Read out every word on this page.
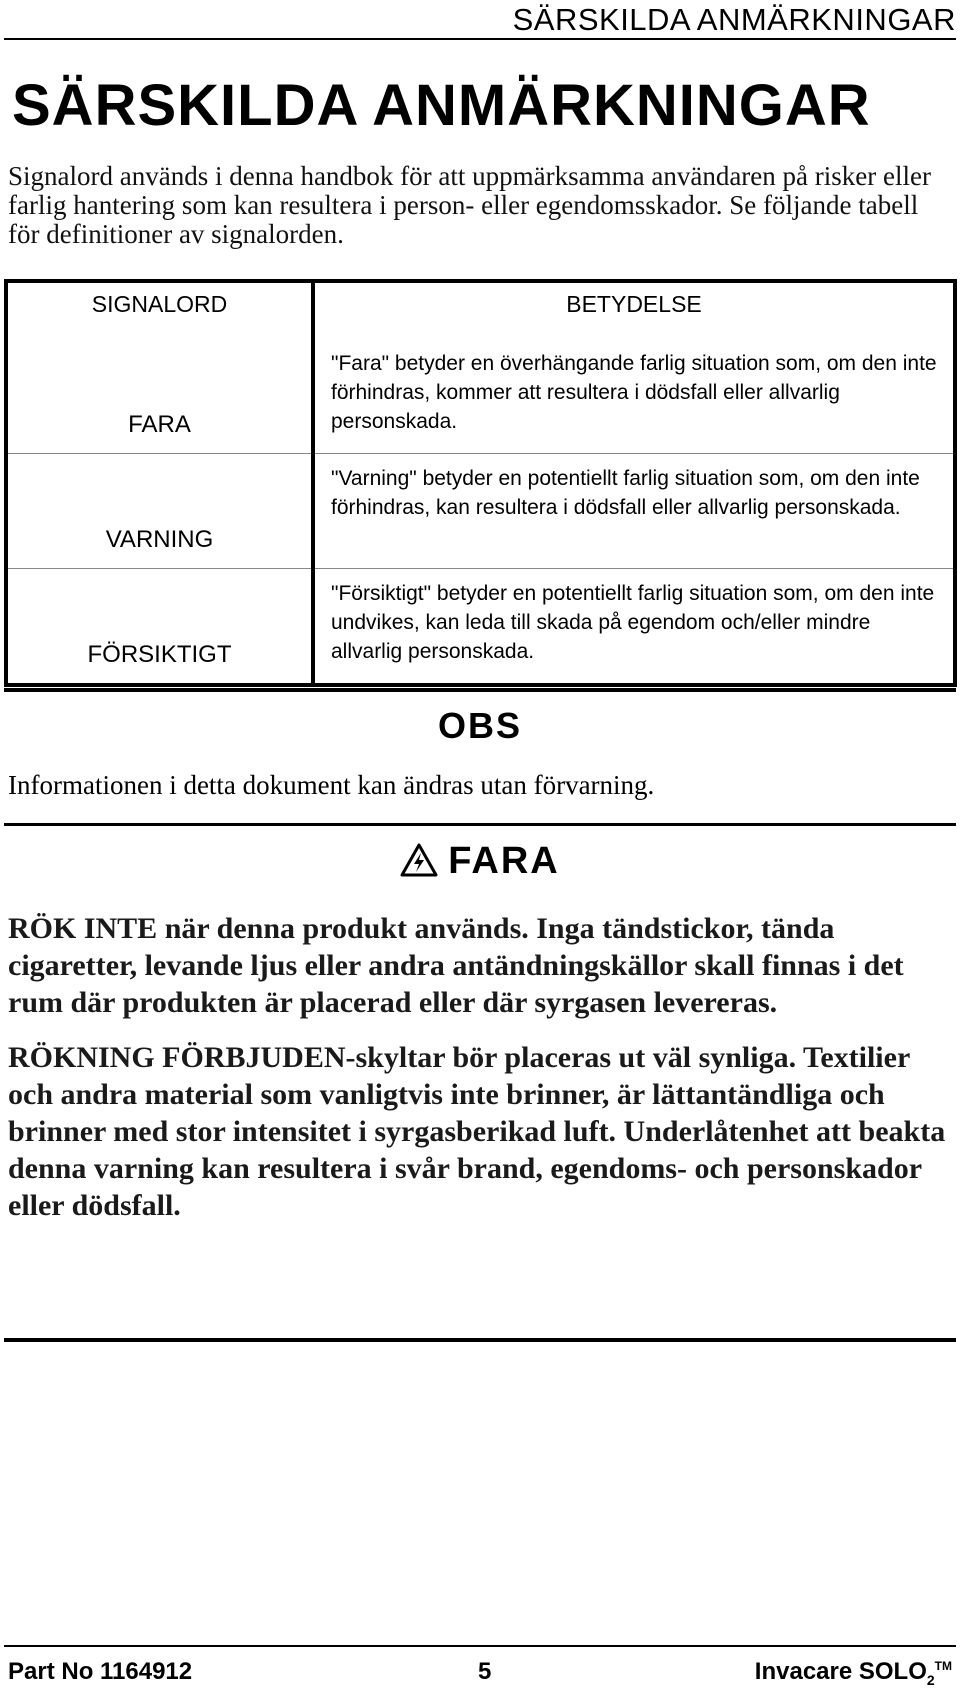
SÄRSKILDA ANMÄRKNINGAR
SÄRSKILDA ANMÄRKNINGAR

Signalord används i denna handbok för att uppmärksamma användaren på risker eller farlig hantering som kan resultera i person- eller egendomsskador. Se följande tabell för definitioner av signalorden.

SIGNALORD	BETYDELSE

FARA	"Fara" betyder en överhängande farlig situation som, om den inte förhindras, kommer att resultera i dödsfall eller allvarlig personskada.
VARNING	"Varning" betyder en potentiellt farlig situation som, om den inte förhindras, kan resultera i dödsfall eller allvarlig personskada.
FÖRSIKTIGT	"Försiktigt" betyder en potentiellt farlig situation som, om den inte undvikes, kan leda till skada på egendom och/eller mindre allvarlig personskada.
OBS

Informationen i detta dokument kan ändras utan förvarning.

FARA

RÖK INTE när denna produkt används. Inga tändstickor, tända cigaretter, levande ljus eller andra antändningskällor skall finnas i det rum där produkten är placerad eller där syrgasen levereras.

RÖKNING FÖRBJUDEN-skyltar bör placeras ut väl synliga. Textilier och andra material som vanligtvis inte brinner, är lättantändliga och brinner med stor intensitet i syrgasberikad luft. Underlåtenhet att beakta denna varning kan resultera i svår brand, egendoms- och personskador eller dödsfall.

Part No 1164912	5	Invacare $SOLO_2™$
